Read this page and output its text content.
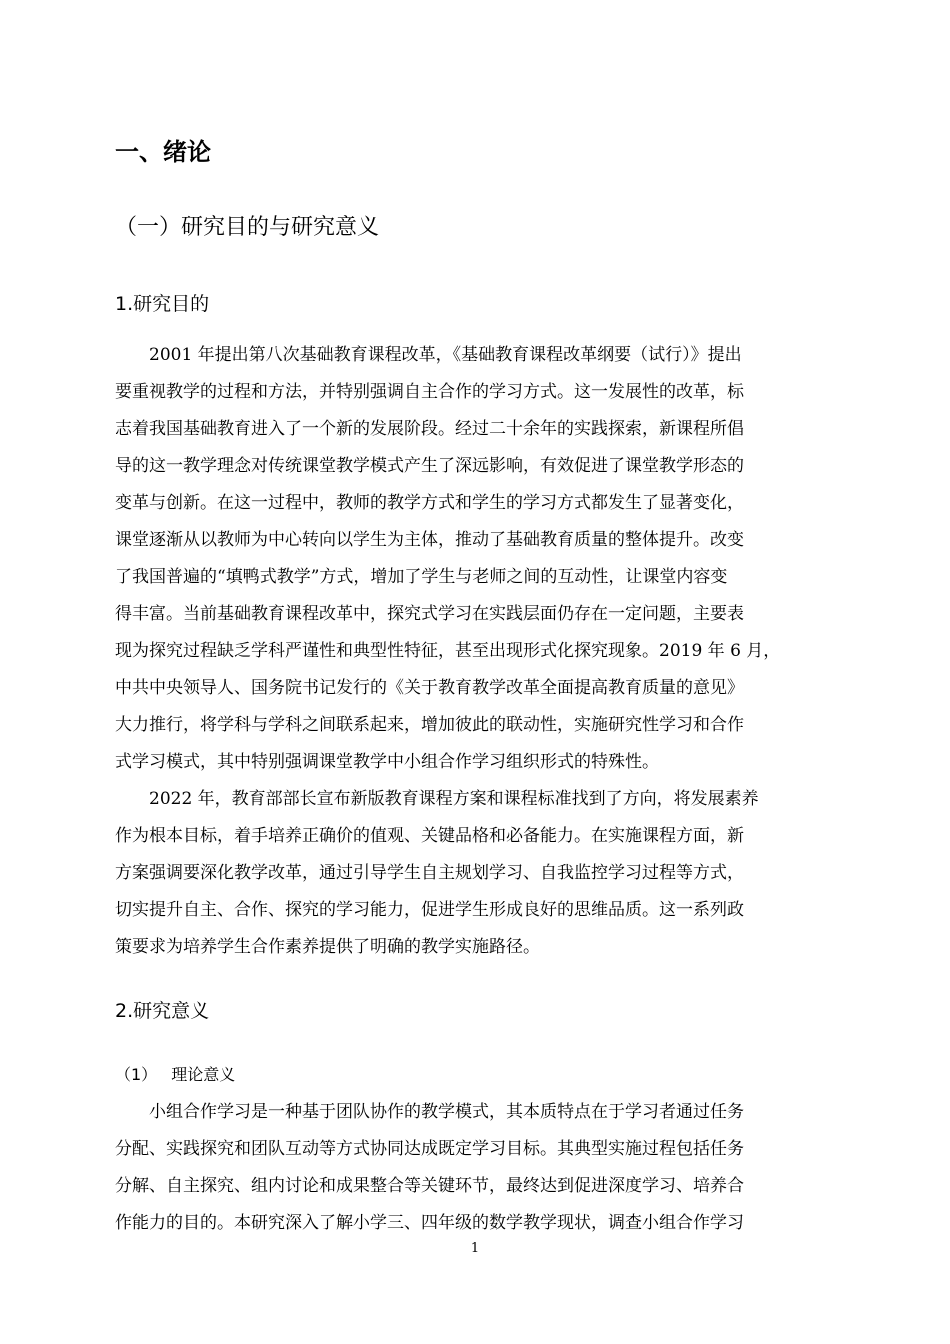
一、绪论
（一）研究目的与研究意义
1.研究目的
2001 年提出第八次基础教育课程改革，《基础教育课程改革纲要（试行）》提出
要重视教学的过程和方法，并特别强调自主合作的学习方式。这一发展性的改革，标
志着我国基础教育进入了一个新的发展阶段。经过二十余年的实践探索，新课程所倡
导的这一教学理念对传统课堂教学模式产生了深远影响，有效促进了课堂教学形态的
变革与创新。在这一过程中，教师的教学方式和学生的学习方式都发生了显著变化，
课堂逐渐从以教师为中心转向以学生为主体，推动了基础教育质量的整体提升。改变
了我国普遍的“填鸭式教学”方式，增加了学生与老师之间的互动性，让课堂内容变
得丰富。当前基础教育课程改革中，探究式学习在实践层面仍存在一定问题，主要表
现为探究过程缺乏学科严谨性和典型性特征，甚至出现形式化探究现象。2019 年 6 月，
中共中央领导人、国务院书记发行的《关于教育教学改革全面提高教育质量的意见》
大力推行，将学科与学科之间联系起来，增加彼此的联动性，实施研究性学习和合作
式学习模式，其中特别强调课堂教学中小组合作学习组织形式的特殊性。
2022 年，教育部部长宣布新版教育课程方案和课程标准找到了方向，将发展素养
作为根本目标，着手培养正确价的值观、关键品格和必备能力。在实施课程方面，新
方案强调要深化教学改革，通过引导学生自主规划学习、自我监控学习过程等方式，
切实提升自主、合作、探究的学习能力，促进学生形成良好的思维品质。这一系列政
策要求为培养学生合作素养提供了明确的教学实施路径。
2.研究意义
（1） 理论意义
小组合作学习是一种基于团队协作的教学模式，其本质特点在于学习者通过任务
分配、实践探究和团队互动等方式协同达成既定学习目标。其典型实施过程包括任务
分解、自主探究、组内讨论和成果整合等关键环节，最终达到促进深度学习、培养合
作能力的目的。本研究深入了解小学三、四年级的数学教学现状，调查小组合作学习
1
